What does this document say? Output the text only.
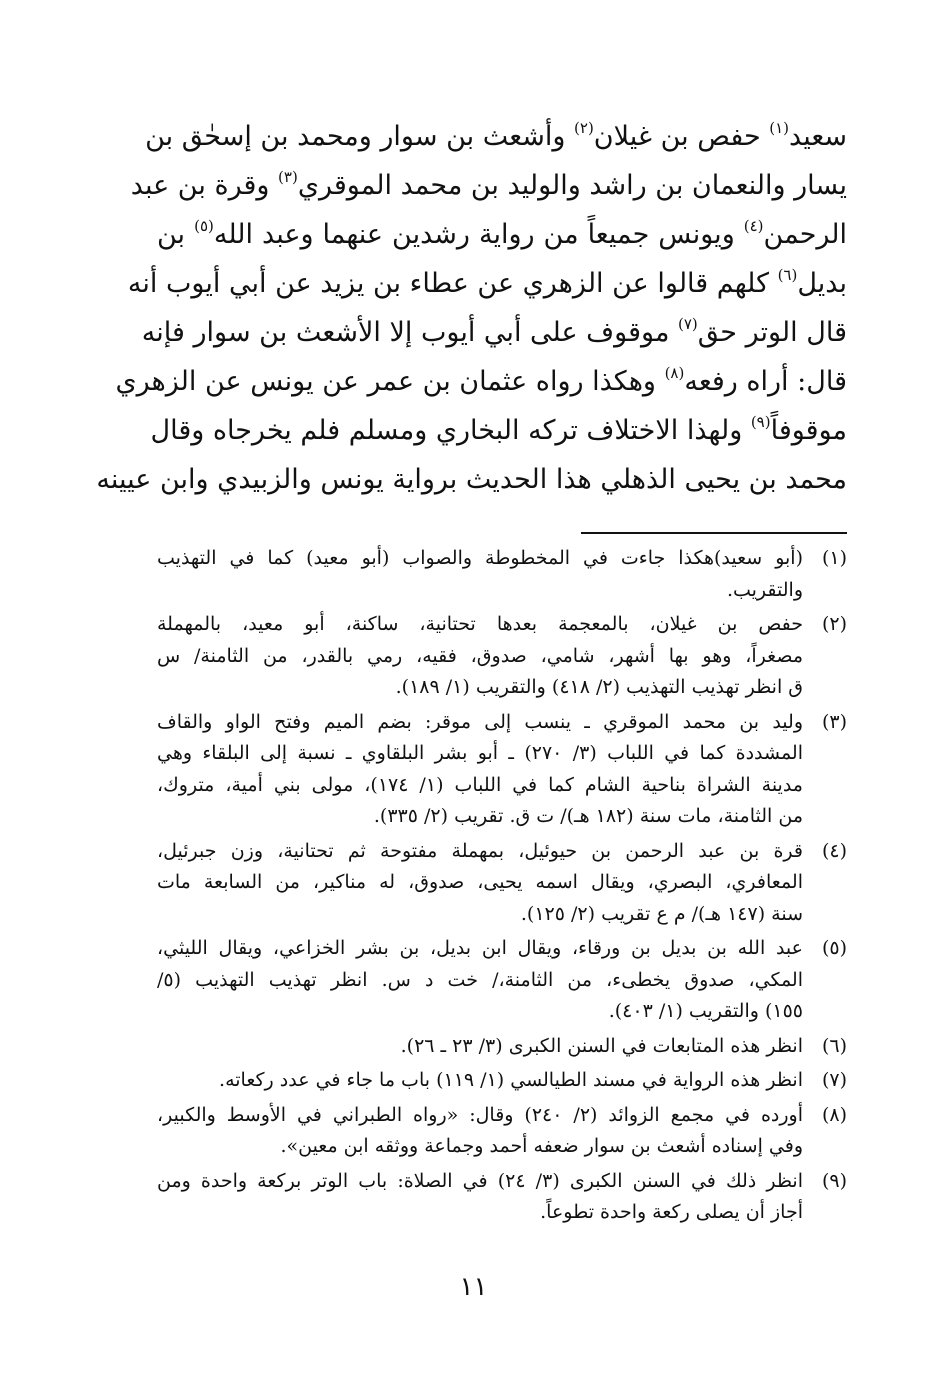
سعيد$^{(١)}$ حفص بن غيلان$^{(٢)}$ وأشعث بن سوار ومحمد بن إسحٰق بن
يسار والنعمان بن راشد والوليد بن محمد الموقري$^{(٣)}$ وقرة بن عبد
الرحمن$^{(٤)}$ ويونس جميعاً من رواية رشدين عنهما وعبد الله$^{(٥)}$ بن
بديل$^{(٦)}$ كلهم قالوا عن الزهري عن عطاء بن يزيد عن أبي أيوب أنه
قال الوتر حق$^{(٧)}$ موقوف على أبي أيوب إلا الأشعث بن سوار فإنه
قال: أراه رفعه$^{(٨)}$ وهكذا رواه عثمان بن عمر عن يونس عن الزهري
موقوفاً$^{(٩)}$ ولهذا الاختلاف تركه البخاري ومسلم فلم يخرجاه وقال
محمد بن يحيى الذهلي هذا الحديث برواية يونس والزبيدي وابن عيينه
(١)
(أبو سعيد)هكذا جاءت في المخطوطة والصواب (أبو معيد) كما في التهذيب
والتقريب.
(٢)
حفص بن غيلان، بالمعجمة بعدها تحتانية، ساكنة، أبو معيد، بالمهملة
مصغراً، وهو بها أشهر، شامي، صدوق، فقيه، رمي بالقدر، من الثامنة/ س
ق انظر تهذيب التهذيب (٢/ ٤١٨) والتقريب (١/ ١٨٩).
(٣)
وليد بن محمد الموقري ـ ينسب إلى موقر: بضم الميم وفتح الواو والقاف
المشددة كما في اللباب (٣/ ٢٧٠) ـ أبو بشر البلقاوي ـ نسبة إلى البلقاء وهي
مدينة الشراة بناحية الشام كما في اللباب (١/ ١٧٤)، مولى بني أمية، متروك،
من الثامنة، مات سنة (١٨٢ هـ)/ ت ق. تقريب (٢/ ٣٣٥).
(٤)
قرة بن عبد الرحمن بن حيوئيل، بمهملة مفتوحة ثم تحتانية، وزن جبرئيل،
المعافري، البصري، ويقال اسمه يحيى، صدوق، له مناكير، من السابعة مات
سنة (١٤٧ هـ)/ م ع تقريب (٢/ ١٢٥).
(٥)
عبد الله بن بديل بن ورقاء، ويقال ابن بديل، بن بشر الخزاعي، ويقال الليثي،
المكي، صدوق يخطىء، من الثامنة،/ خت د س. انظر تهذيب التهذيب (٥/
١٥٥) والتقريب (١/ ٤٠٣).
(٦)
انظر هذه المتابعات في السنن الكبرى (٣/ ٢٣ ـ ٢٦).
(٧)
انظر هذه الرواية في مسند الطيالسي (١/ ١١٩) باب ما جاء في عدد ركعاته.
(٨)
أورده في مجمع الزوائد (٢/ ٢٤٠) وقال: «رواه الطبراني في الأوسط والكبير،
وفي إسناده أشعث بن سوار ضعفه أحمد وجماعة ووثقه ابن معين».
(٩)
انظر ذلك في السنن الكبرى (٣/ ٢٤) في الصلاة: باب الوتر بركعة واحدة ومن
أجاز أن يصلى ركعة واحدة تطوعاً.
١١
